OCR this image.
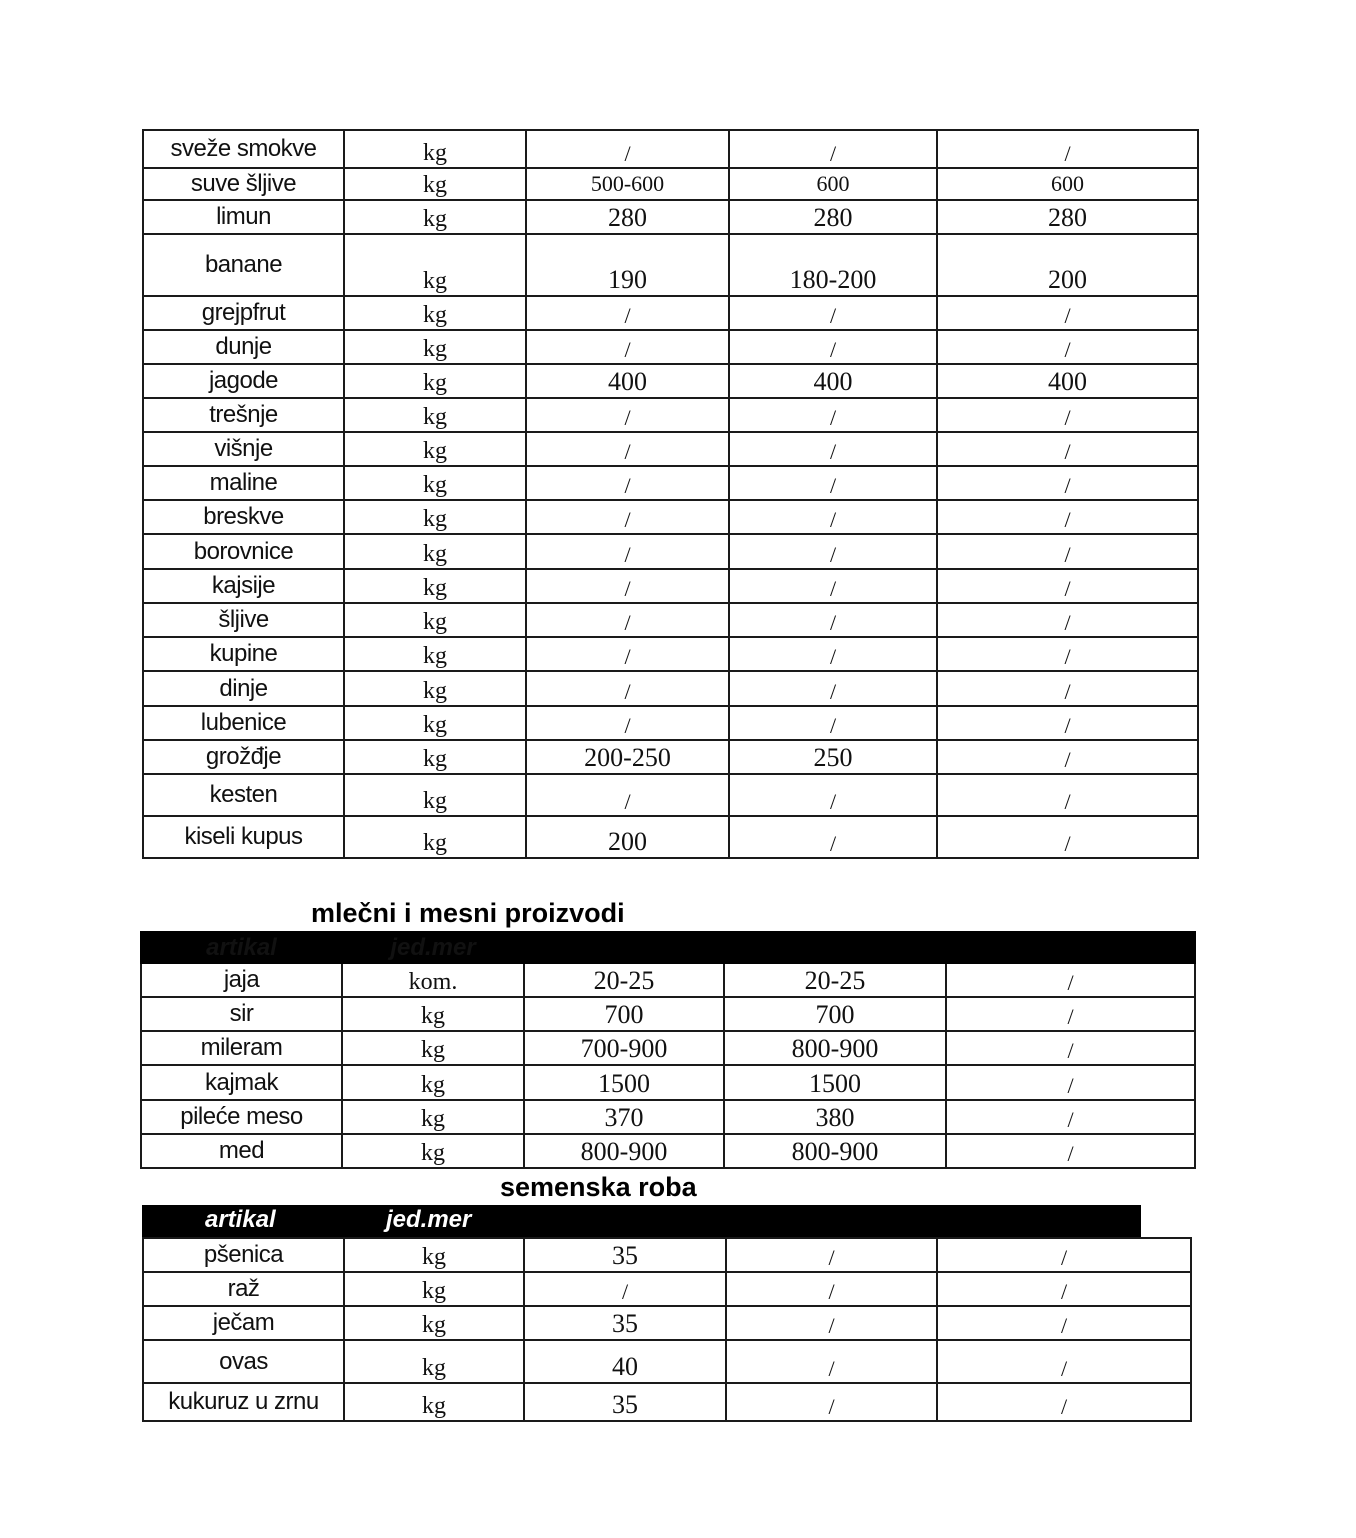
sveže smokve	kg	/	/	/
suve šljive	kg	500-600	600	600
limun	kg	280	280	280
banane	kg	190	180-200	200
grejpfrut	kg	/	/	/
dunje	kg	/	/	/
jagode	kg	400	400	400
trešnje	kg	/	/	/
višnje	kg	/	/	/
maline	kg	/	/	/
breskve	kg	/	/	/
borovnice	kg	/	/	/
kajsije	kg	/	/	/
šljive	kg	/	/	/
kupine	kg	/	/	/
dinje	kg	/	/	/
lubenice	kg	/	/	/
grožđje	kg	200-250	250	/
kesten	kg	/	/	/
kiseli kupus	kg	200	/	/
mlečni i mesni proizvodi
artikal	jed.mer			
jaja	kom.	20-25	20-25	/
sir	kg	700	700	/
mileram	kg	700-900	800-900	/
kajmak	kg	1500	1500	/
pileće meso	kg	370	380	/
med	kg	800-900	800-900	/
semenska roba
artikal	jed.mer
pšenica	kg	35	/	/
raž	kg	/	/	/
ječam	kg	35	/	/
ovas	kg	40	/	/
kukuruz u zrnu	kg	35	/	/
